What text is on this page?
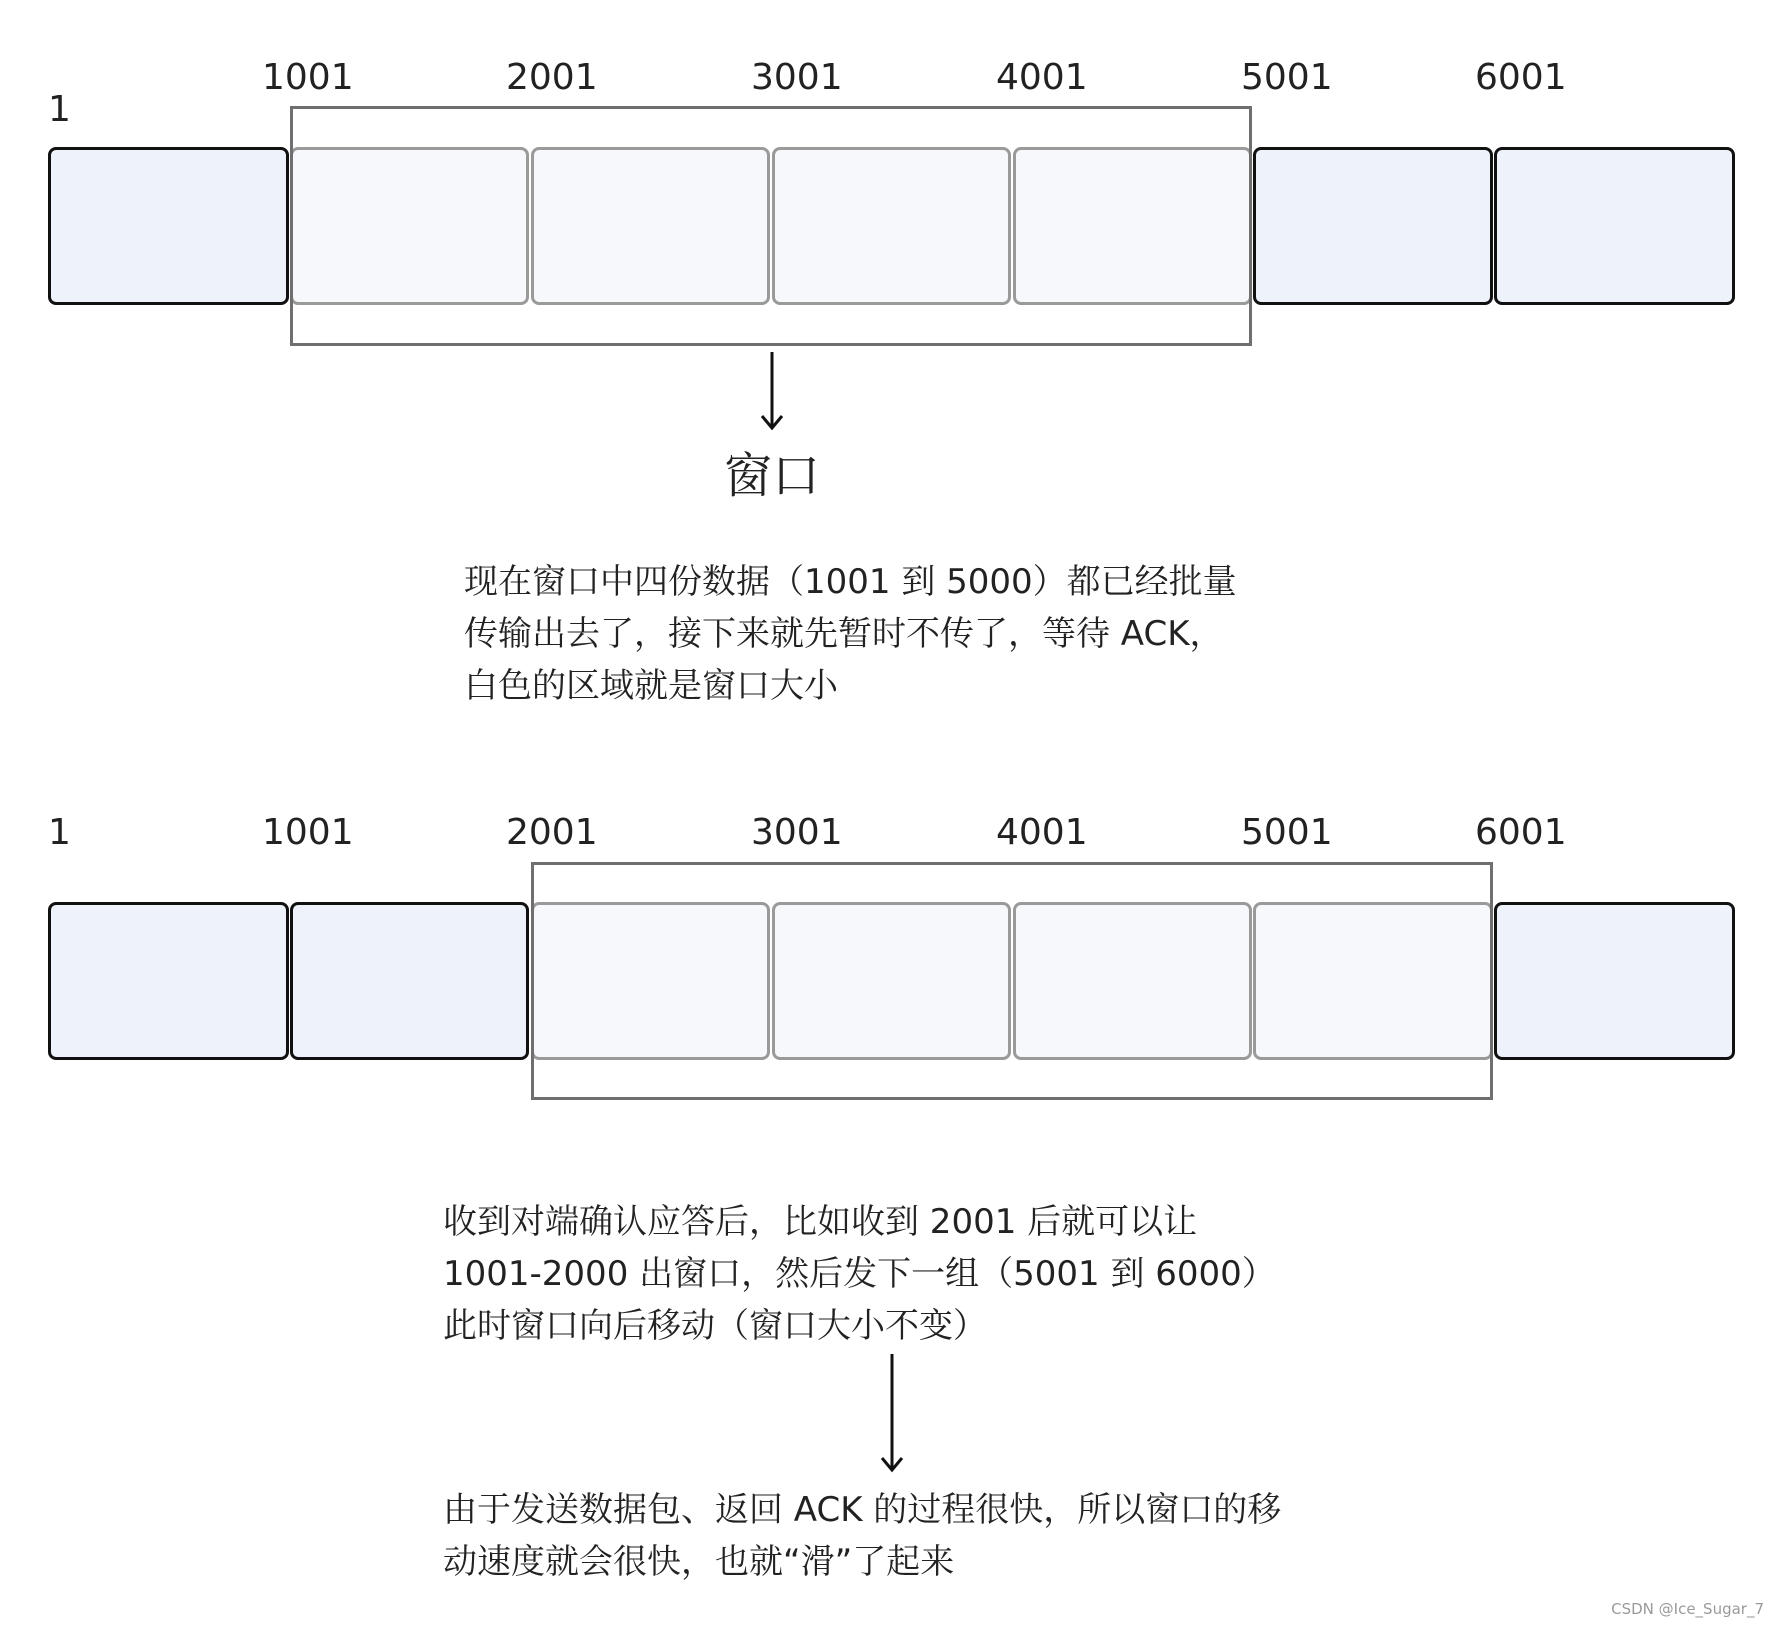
1
1001	2001	3001	4001	5001	6001
窗口
现在窗口中四份数据（1001 到 5000）都已经批量
传输出去了，接下来就先暂时不传了，等待 ACK，
白色的区域就是窗口大小
1	1001	2001	3001	4001	5001	6001
收到对端确认应答后，比如收到 2001 后就可以让
1001-2000 出窗口，然后发下一组（5001 到 6000）
此时窗口向后移动（窗口大小不变）
由于发送数据包、返回 ACK 的过程很快，所以窗口的移
动速度就会很快，也就“滑”了起来
CSDN @Ice_Sugar_7
